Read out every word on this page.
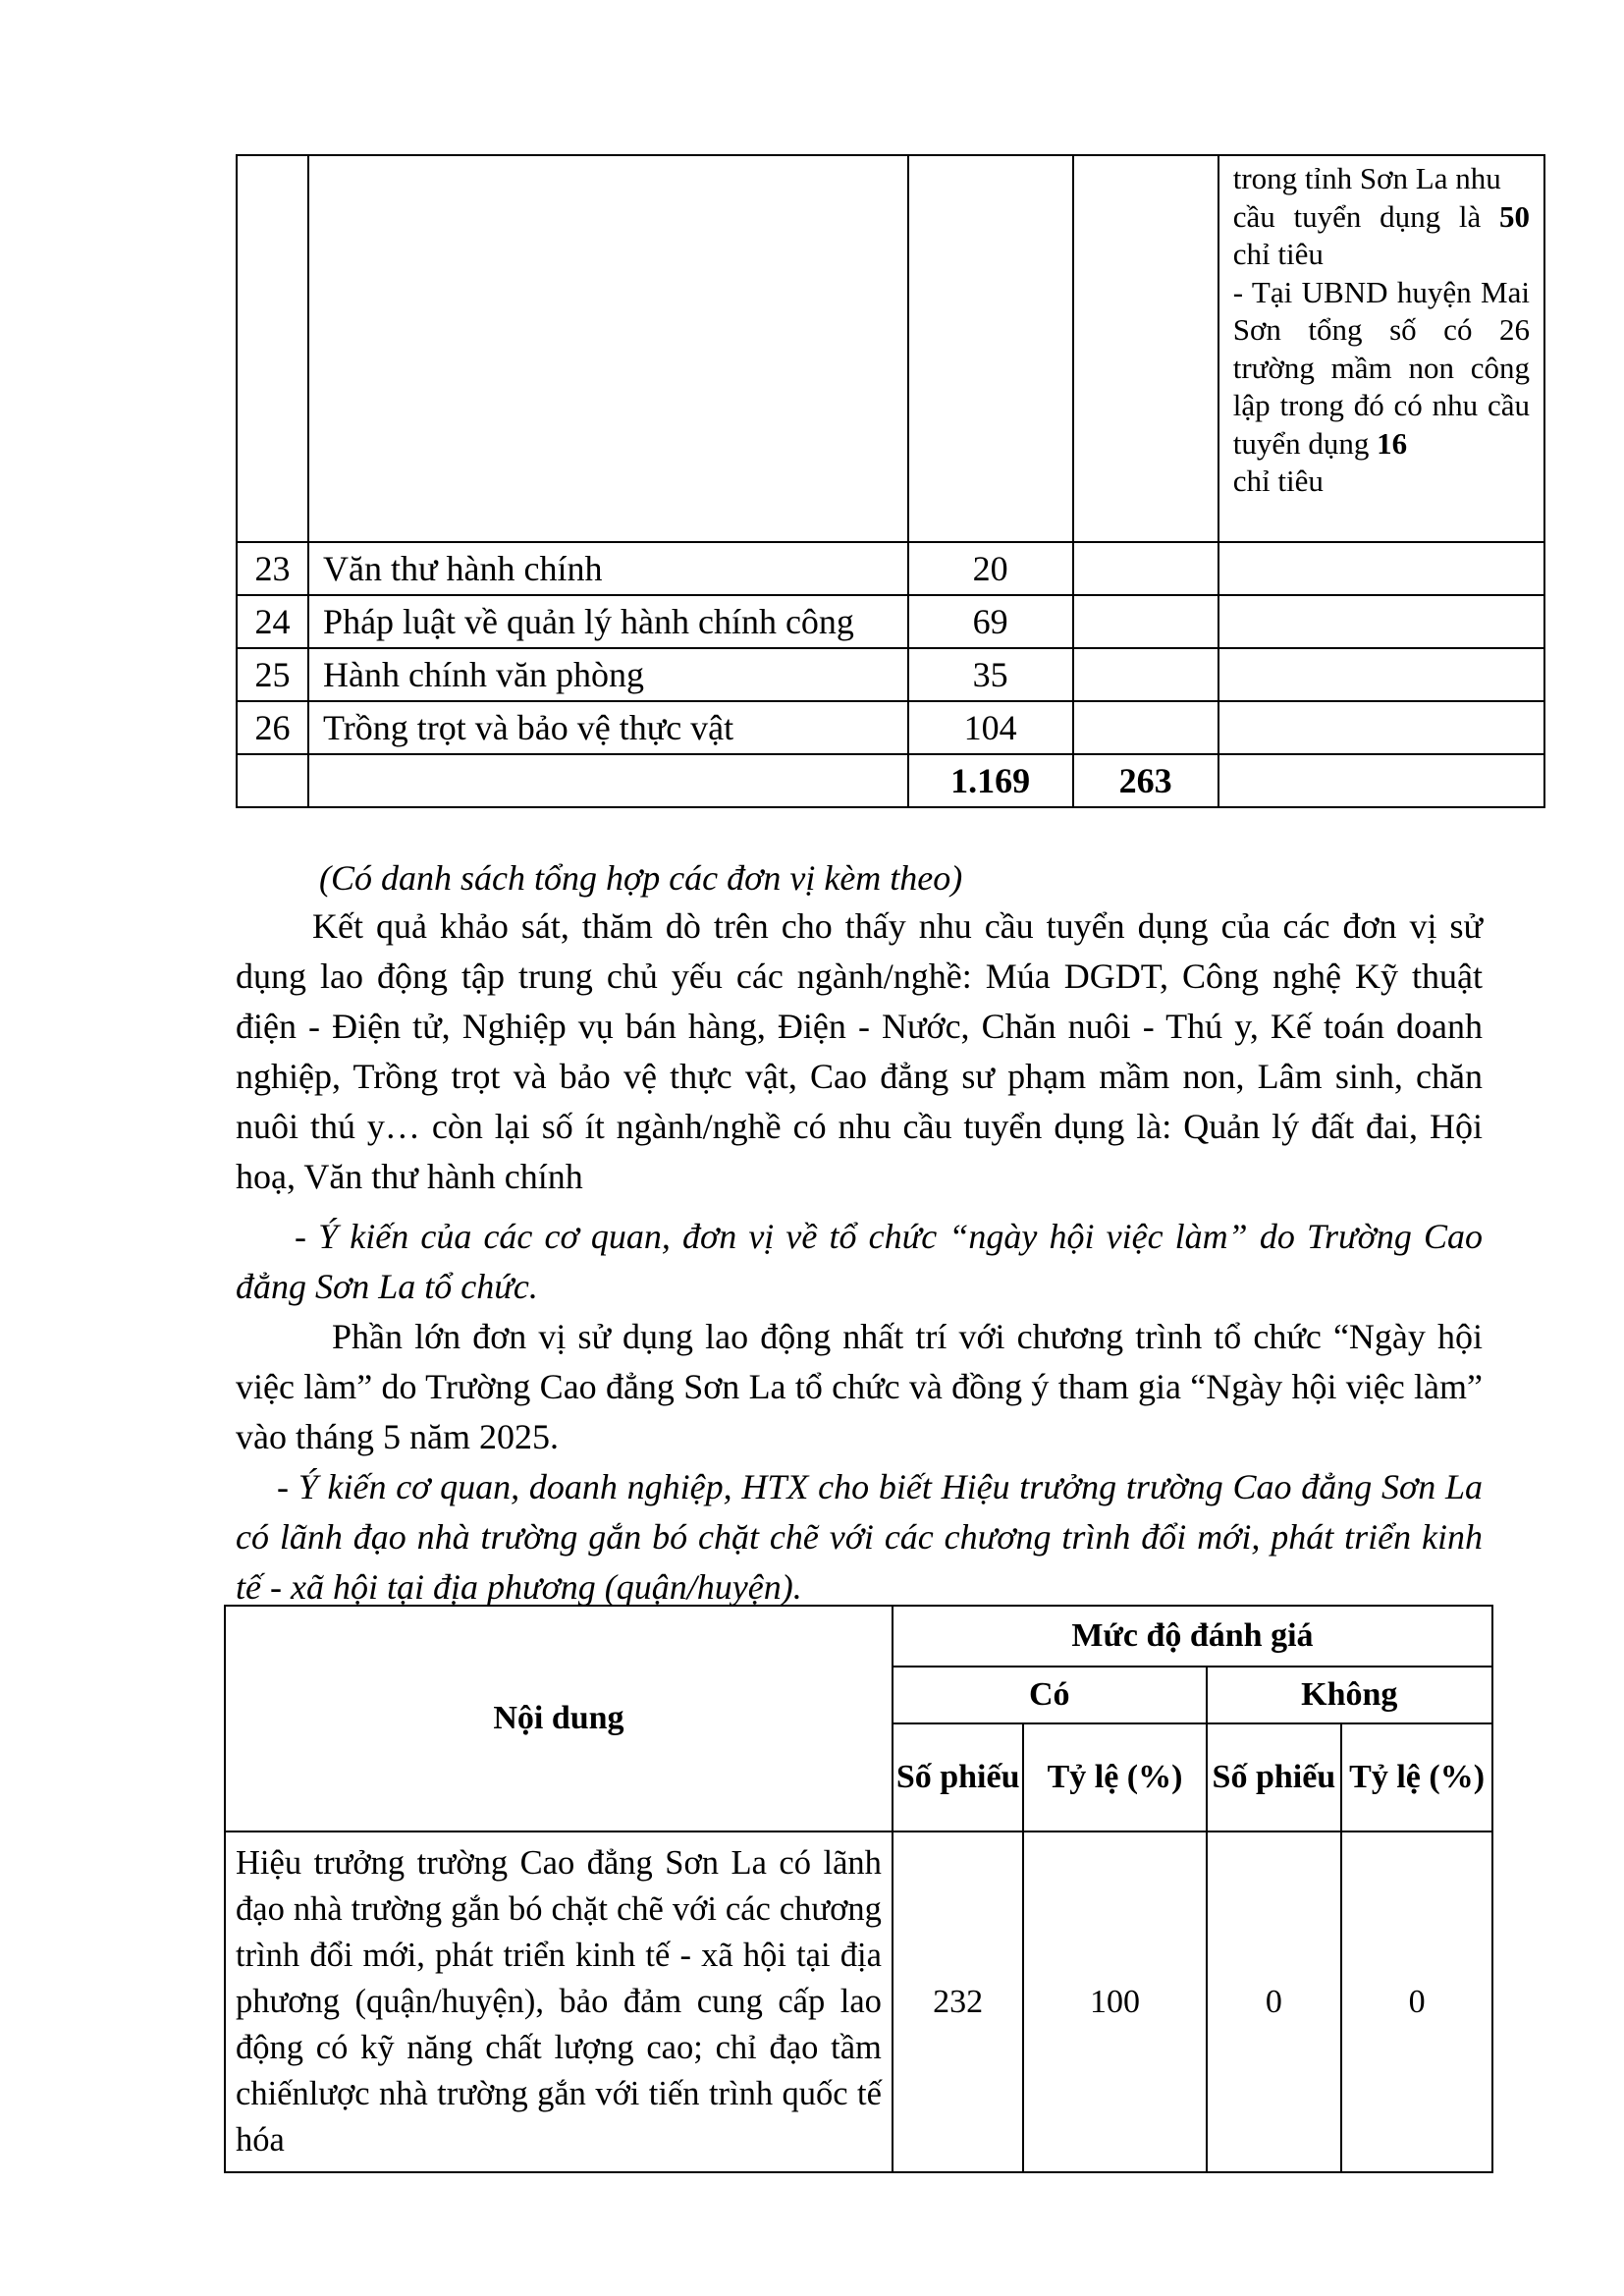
				trong tỉnh Sơn La nhu

cầu tuyển dụng là 50

chỉ tiêu

- Tại UBND huyện Mai Sơn tổng số có 26 trường mầm non công lập trong đó có nhu cầu tuyển dụng 16

chỉ tiêu

23	Văn thư hành chính	20		
24	Pháp luật về quản lý hành chính công	69		
25	Hành chính văn phòng	35		
26	Trồng trọt và bảo vệ thực vật	104		
		1.169	263	

(Có danh sách tổng hợp các đơn vị kèm theo)

Kết quả khảo sát, thăm dò trên cho thấy nhu cầu tuyển dụng của các đơn vị sử dụng lao động tập trung chủ yếu các ngành/nghề: Múa DGDT, Công nghệ Kỹ thuật điện - Điện tử, Nghiệp vụ bán hàng, Điện - Nước, Chăn nuôi - Thú y, Kế toán doanh nghiệp, Trồng trọt và bảo vệ thực vật, Cao đẳng sư phạm mầm non, Lâm sinh, chăn nuôi thú y… còn lại số ít ngành/nghề có nhu cầu tuyển dụng là: Quản lý đất đai, Hội hoạ, Văn thư hành chính

- Ý kiến của các cơ quan, đơn vị về tổ chức “ngày hội việc làm” do Trường Cao đẳng Sơn La tổ chức.

Phần lớn đơn vị sử dụng lao động nhất trí với chương trình tổ chức “Ngày hội việc làm” do Trường Cao đẳng Sơn La tổ chức và đồng ý tham gia “Ngày hội việc làm” vào tháng 5 năm 2025.

- Ý kiến cơ quan, doanh nghiệp, HTX cho biết Hiệu trưởng trường Cao đẳng Sơn La có lãnh đạo nhà trường gắn bó chặt chẽ với các chương trình đổi mới, phát triển kinh tế - xã hội tại địa phương (quận/huyện).

Nội dung	Mức độ đánh giá			
	Có		Không	
	Số phiếu	Tỷ lệ (%)	Số phiếu	Tỷ lệ (%)
Hiệu trưởng trường Cao đẳng Sơn La có lãnh đạo nhà trường gắn bó chặt chẽ với các chương trình đổi mới, phát triển kinh tế - xã hội tại địa phương (quận/huyện), bảo đảm cung cấp lao động có kỹ năng chất lượng cao; chỉ đạo tầm chiếnlược nhà trường gắn với tiến trình quốc tế hóa	232	100	0	0
